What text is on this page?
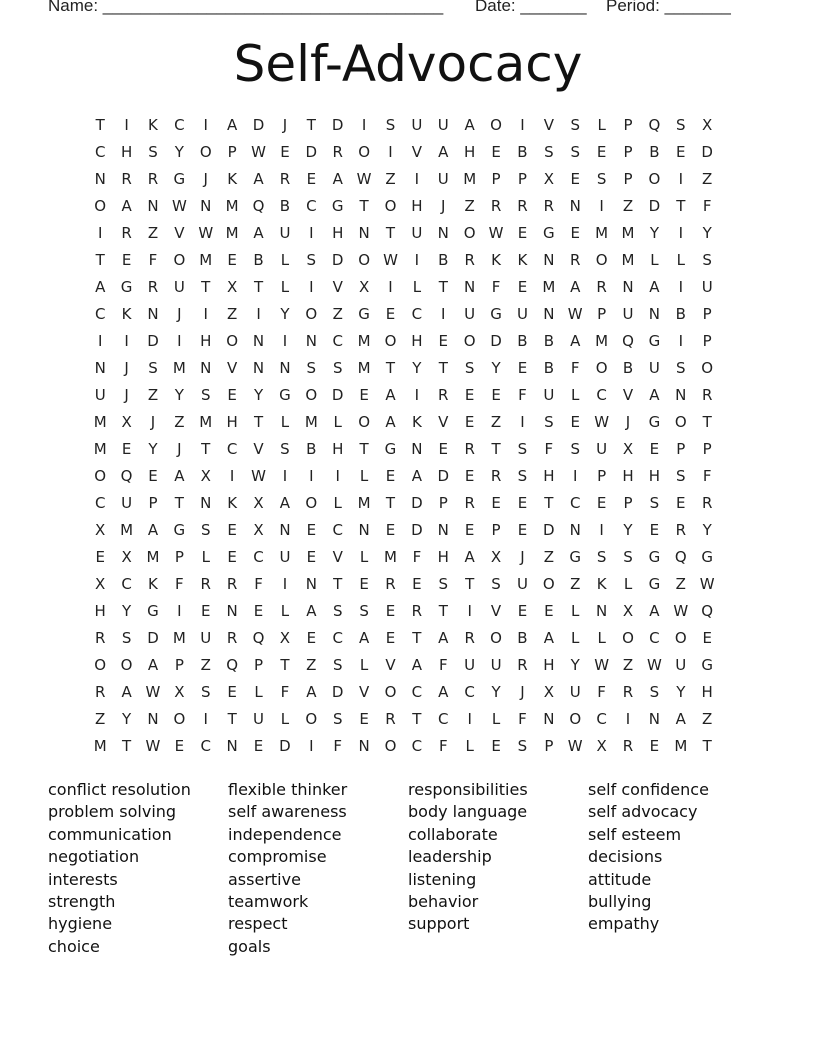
Name: ____________________________________ Date: _______ Period: _______
Self-Advocacy
T	I	K	C	I	A	D	J	T	D	I	S	U	U	A	O	I	V	S	L	P	Q	S	X
C	H	S	Y	O	P W E	D	R	O	I	V	A	H	E	B	S	S	E	P	B	E	D
N	R	R	G	J	K	A	R	E	A W Z	I	U M	P	P	X	E	S	P	O	I	Z
O	A	N W N M Q	B	C	G	T	O H	J	Z	R	R	R	N	I	Z	D	T	F
I	R	Z	V W M A	U	I	H	N	T	U	N O W E	G	E	M M	Y	I	Y
T	E	F	O M	E	B	L	S	D O W	I	B	R	K	K	N	R	O M	L	L	S
A	G	R	U	T	X	T	L	I	V	X	I	L	T	N	F	E	M A	R	N	A	I	U
C	K	N	J	I	Z	I	Y	O	Z	G	E	C	I	U	G	U	N W P	U	N	B	P
I	I	D	I	H O N	I	N	C M O H	E	O D	B	B	A M Q G	I	P
N	J	S	M N	V	N	N	S	S	M	T	Y	T	S	Y	E	B	F	O	B	U	S	O
U	J	Z	Y	S	E	Y	G O D	E	A	I	R	E	E	F	U	L	C	V	A	N	R
M X	J	Z M H	T	L	M	L	O	A	K	V	E	Z	I	S	E W	J	G O	T
M	E	Y	J	T	C	V	S	B	H	T	G N	E	R	T	S	F	S	U	X	E	P	P
O Q	E	A	X	I	W	I	I	I	L	E	A	D	E	R	S	H	I	P	H	H	S	F
C	U	P	T	N	K	X	A	O	L	M	T	D	P	R	E	E	T	C	E	P	S	E	R
X M A	G	S	E	X	N	E	C	N	E	D	N	E	P	E	D	N	I	Y	E	R	Y
E	X M	P	L	E	C	U	E	V	L	M	F	H	A	X	J	Z	G	S	S	G Q G
X	C	K	F	R	R	F	I	N	T	E	R	E	S	T	S	U O	Z	K	L	G	Z W
H	Y	G	I	E	N	E	L	A	S	S	E	R	T	I	V	E	E	L	N	X	A W Q
R	S	D M U	R	Q	X	E	C	A	E	T	A	R	O	B	A	L	L	O	C	O	E
O O	A	P	Z	Q	P	T	Z	S	L	V	A	F	U	U	R	H	Y W Z W U	G
R	A W X	S	E	L	F	A	D	V	O	C	A	C	Y	J	X	U	F	R	S	Y	H
Z	Y	N O	I	T	U	L	O	S	E	R	T	C	I	L	F	N O	C	I	N	A	Z
M	T W E	C	N	E	D	I	F	N O	C	F	L	E	S	P W X	R	E	M	T
conflict resolution
problem solving
communication
negotiation
interests
strength
hygiene
choice
flexible thinker
self awareness
independence
compromise
assertive
teamwork
respect
goals
responsibilities
body language
collaborate
leadership
listening
behavior
support
self confidence
self advocacy
self esteem
decisions
attitude
bullying
empathy
